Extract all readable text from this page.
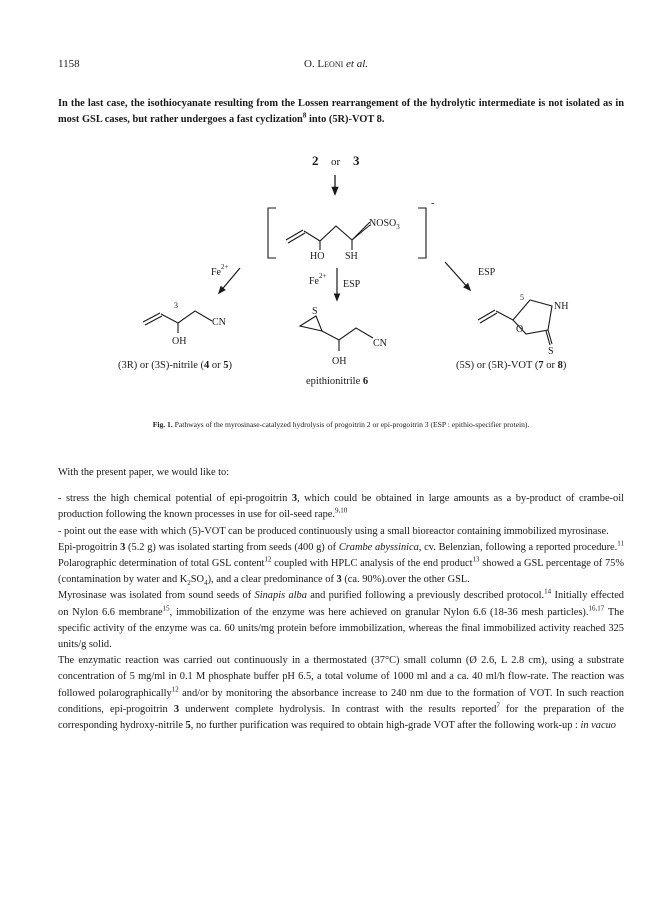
1158	O. Leoni et al.
In the last case, the isothiocyanate resulting from the Lossen rearrangement of the hydrolytic intermediate is not isolated as in most GSL cases, but rather undergoes a fast cyclization$^8$ into (5R)-VOT 8.
2 or 3
$NOSO_3$
-
HO SH
$Fe^{2+}$
$Fe^{2+}$
ESP
ESP
3
CN
OH
(3R) or (3S)-nitrile (4 or 5)
S
CN
OH
epithionitrile 6
5
NH
O
S
(5S) or (5R)-VOT (7 or 8)
Fig. 1. Pathways of the myrosinase-catalyzed hydrolysis of progoitrin 2 or epi-progoitrin 3 (ESP : epithio-specifier protein).

With the present paper, we would like to:

- stress the high chemical potential of epi-progoitrin 3, which could be obtained in large amounts as a by-product of crambe-oil production following the known processes in use for oil-seed rape.$^{9,10}$

- point out the ease with which (5)-VOT can be produced continuously using a small bioreactor containing immobilized myrosinase.

Epi-progoitrin 3 (5.2 g) was isolated starting from seeds (400 g) of Crambe abyssinica, cv. Belenzian, following a reported procedure.$^{11}$ Polarographic determination of total GSL content$^{12}$ coupled with HPLC analysis of the end product$^{13}$ showed a GSL percentage of 75% (contamination by water and $K_2SO_4$), and a clear predominance of 3 (ca. 90%).over the other GSL.

Myrosinase was isolated from sound seeds of Sinapis alba and purified following a previously described protocol.$^{14}$ Initially effected on Nylon 6.6 membrane$^{15}$, immobilization of the enzyme was here achieved on granular Nylon 6.6 (18-36 mesh particles).$^{16,17}$ The specific activity of the enzyme was ca. 60 units/mg protein before immobilization, whereas the final immobilized activity reached 325 units/g solid.

The enzymatic reaction was carried out continuously in a thermostated (37°C) small column (Ø 2.6, L 2.8 cm), using a substrate concentration of 5 mg/ml in 0.1 M phosphate buffer pH 6.5, a total volume of 1000 ml and a ca. 40 ml/h flow-rate. The reaction was followed polarographically$^{12}$ and/or by monitoring the absorbance increase to 240 nm due to the formation of VOT. In such reaction conditions, epi-progoitrin 3 underwent complete hydrolysis. In contrast with the results reported$^7$ for the preparation of the corresponding hydroxy-nitrile 5, no further purification was required to obtain high-grade VOT after the following work-up : in vacuo
